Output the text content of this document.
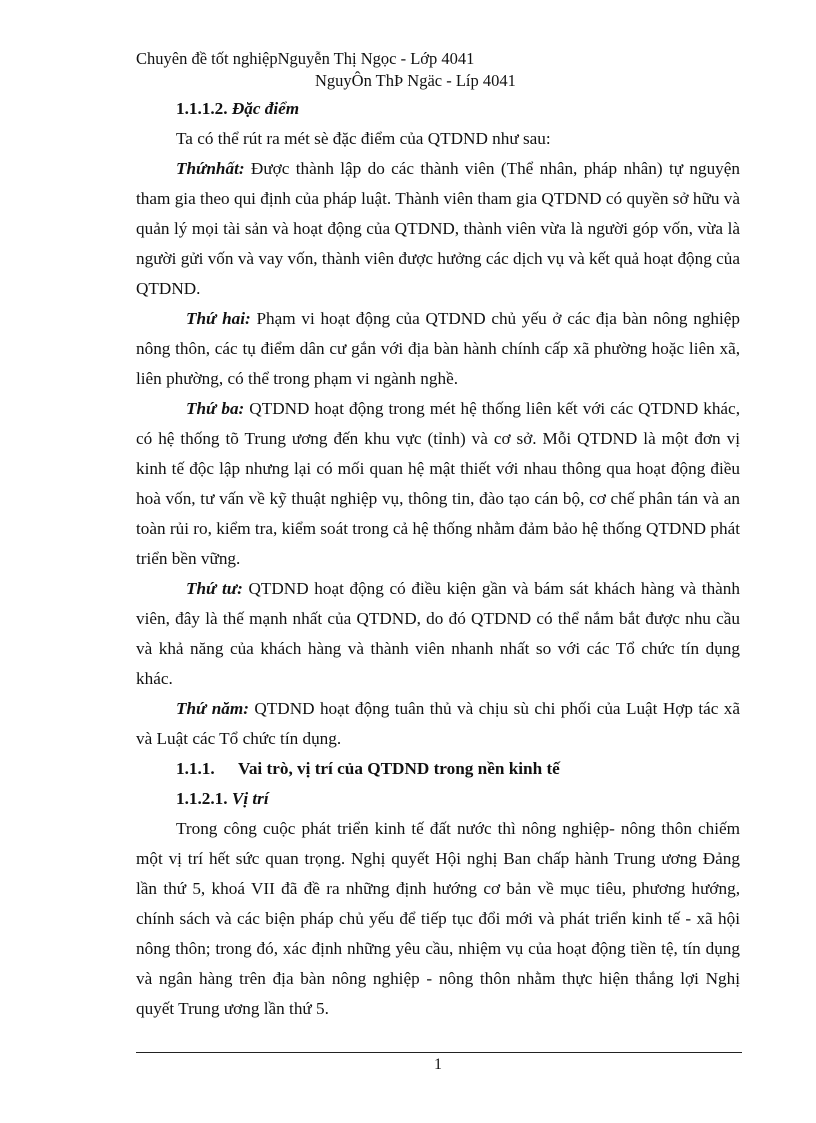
Chuyên đề tốt nghiệpNguyễn Thị Ngọc - Lớp 4041
NguyÔn ThÞ Ngäc - Líp 4041

1.1.1.2. Đặc điểm

Ta có thể rút ra mét sè đặc điểm của QTDND như sau:

Thứnhất: Được thành lập do các thành viên (Thể nhân, pháp nhân) tự nguyện tham gia theo qui định của pháp luật. Thành viên tham gia QTDND có quyền sở hữu và quản lý mọi tài sản và hoạt động của QTDND, thành viên vừa là người góp vốn, vừa là người gửi vốn và vay vốn, thành viên được hưởng các dịch vụ và kết quả hoạt động của QTDND.

Thứ hai: Phạm vi hoạt động của QTDND chủ yếu ở các địa bàn nông nghiệp nông thôn, các tụ điểm dân cư gắn với địa bàn hành chính cấp xã phường hoặc liên xã, liên phường, có thể trong phạm vi ngành nghề.

Thứ ba: QTDND hoạt động trong mét hệ thống liên kết với các QTDND khác, có hệ thống tõ Trung ương đến khu vực (tỉnh) và cơ sở. Mỗi QTDND là một đơn vị kinh tế độc lập nhưng lại có mối quan hệ mật thiết với nhau thông qua hoạt động điều hoà vốn, tư vấn về kỹ thuật nghiệp vụ, thông tin, đào tạo cán bộ, cơ chế phân tán và an toàn rủi ro, kiểm tra, kiểm soát trong cả hệ thống nhằm đảm bảo hệ thống QTDND phát triển bền vững.

Thứ tư: QTDND hoạt động có điều kiện gần và bám sát khách hàng và thành viên, đây là thế mạnh nhất của QTDND, do đó QTDND có thể nắm bắt được nhu cầu và khả năng của khách hàng và thành viên nhanh nhất so với các Tổ chức tín dụng khác.

Thứ năm: QTDND hoạt động tuân thủ và chịu sù chi phối của Luật Hợp tác xã và Luật các Tổ chức tín dụng.

1.1.1.	Vai trò, vị trí của QTDND trong nền kinh tế

1.1.2.1. Vị trí

Trong công cuộc phát triển kinh tế đất nước thì nông nghiệp- nông thôn chiếm một vị trí hết sức quan trọng. Nghị quyết Hội nghị Ban chấp hành Trung ương Đảng lần thứ 5, khoá VII đã đề ra những định hướng cơ bản về mục tiêu, phương hướng, chính sách và các biện pháp chủ yếu để tiếp tục đổi mới và phát triển kinh tế - xã hội nông thôn; trong đó, xác định những yêu cầu, nhiệm vụ của hoạt động tiền tệ, tín dụng và ngân hàng trên địa bàn nông nghiệp - nông thôn nhằm thực hiện thắng lợi Nghị quyết Trung ương lần thứ 5.

1
